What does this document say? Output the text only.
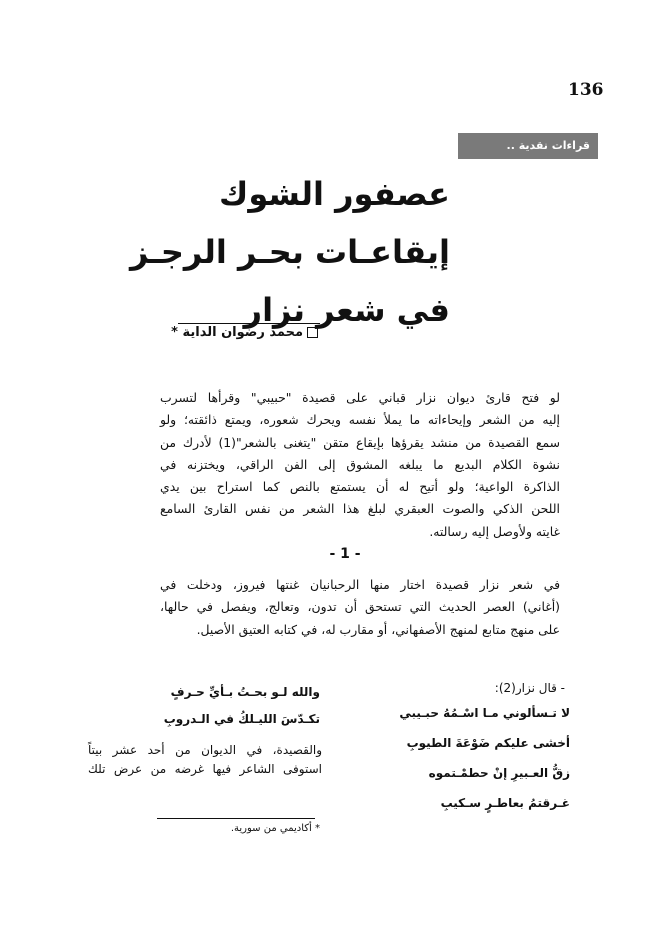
136
قراءات نقدية ..
عصفور الشوك
إيقاعـات بحـر الرجـز
في شعر نزار
محمد رضوان الداية *
لو فتح قارئ ديوان نزار قباني على قصيدة "حبيبي" وقرأها لتسرب
إليه من الشعر وإيحاءاته ما يملأ نفسه ويحرك شعوره، ويمتع ذائقته؛ ولو
سمع القصيدة من منشد يقرؤها بإيقاع متقن "يتغنى بالشعر"(1) لأدرك من
نشوة الكلام البديع ما يبلغه المشوق إلى الفن الراقي، ويختزنه في
الذاكرة الواعية؛ ولو أتيح له أن يستمتع بالنص كما استراح بين يدي
اللحن الذكي والصوت العبقري لبلغ هذا الشعر من نفس القارئ السامع
غايته ولأوصل إليه رسالته.
- 1 -
في شعر نزار قصيدة اختار منها الرحبانيان غنتها فيروز، ودخلت في
(أغاني) العصر الحديث التي تستحق أن تدون، وتعالج، ويفصل في حالها،
على منهج متابع لمنهج الأصفهاني، أو مقارب له، في كتابه العتيق الأصيل.
- قال نزار(2):
لا تـسألوني مـا اسْـمُهُ حبـيبي
أخشى عليكم ضَوْعَةَ الطيوبِ
زقُّ العـبيرِ إنْ حطمْـتموه
غـرقتمُ بعاطـرٍ سـكيبِ
والله لـو بحـتُ بـأيِّ حـرفٍ
تكـدّسَ الليـلكُ في الـدروبِ
والقصيدة، في الديوان من أحد عشر بيتاً
استوفى الشاعر فيها غرضه من عرض تلك
* أكاديمي من سورية.
